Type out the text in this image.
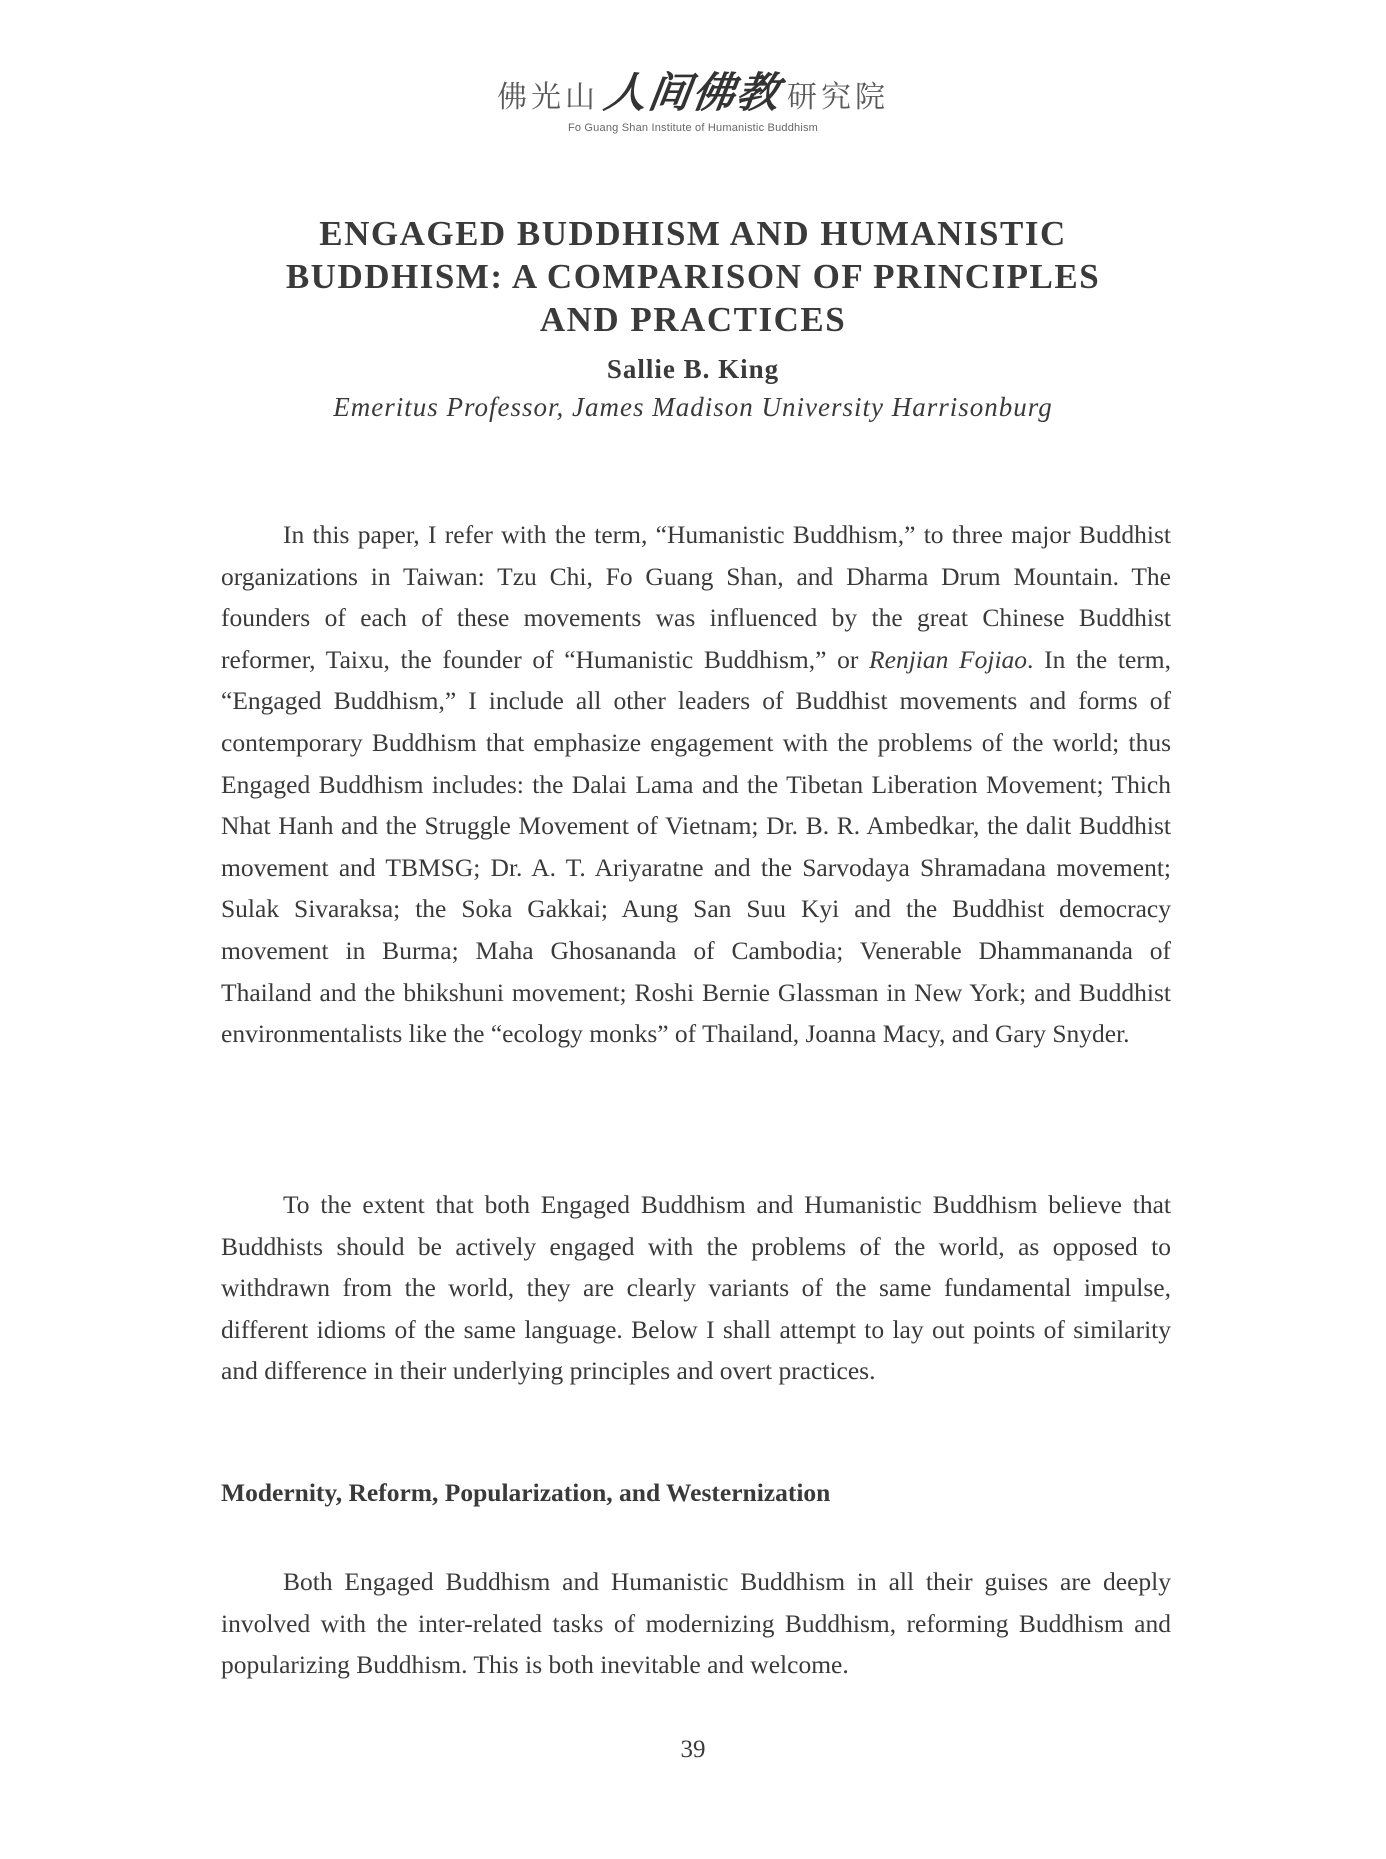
佛光山 人间佛教 研究院
Fo Guang Shan Institute of Humanistic Buddhism
ENGAGED BUDDHISM AND HUMANISTIC
BUDDHISM: A COMPARISON OF PRINCIPLES
AND PRACTICES
Sallie B. King
Emeritus Professor, James Madison University Harrisonburg
In this paper, I refer with the term, “Humanistic Buddhism,” to three major Buddhist organizations in Taiwan: Tzu Chi, Fo Guang Shan, and Dharma Drum Mountain. The founders of each of these movements was influenced by the great Chinese Buddhist reformer, Taixu, the founder of “Humanistic Buddhism,” or Renjian Fojiao. In the term, “Engaged Buddhism,” I include all other leaders of Buddhist movements and forms of contemporary Buddhism that emphasize engagement with the problems of the world; thus Engaged Buddhism includes: the Dalai Lama and the Tibetan Liberation Movement; Thich Nhat Hanh and the Struggle Movement of Vietnam; Dr. B. R. Ambedkar, the dalit Buddhist movement and TBMSG; Dr. A. T. Ariyaratne and the Sarvodaya Shramadana movement; Sulak Sivaraksa; the Soka Gakkai; Aung San Suu Kyi and the Buddhist democracy movement in Burma; Maha Ghosananda of Cambodia; Venerable Dhammananda of Thailand and the bhikshuni movement; Roshi Bernie Glassman in New York; and Buddhist environmentalists like the “ecology monks” of Thailand, Joanna Macy, and Gary Snyder.
To the extent that both Engaged Buddhism and Humanistic Buddhism believe that Buddhists should be actively engaged with the problems of the world, as opposed to withdrawn from the world, they are clearly variants of the same fundamental impulse, different idioms of the same language. Below I shall attempt to lay out points of similarity and difference in their underlying principles and overt practices.
Modernity, Reform, Popularization, and Westernization
Both Engaged Buddhism and Humanistic Buddhism in all their guises are deeply involved with the inter-related tasks of modernizing Buddhism, reforming Buddhism and popularizing Buddhism. This is both inevitable and welcome.
39
